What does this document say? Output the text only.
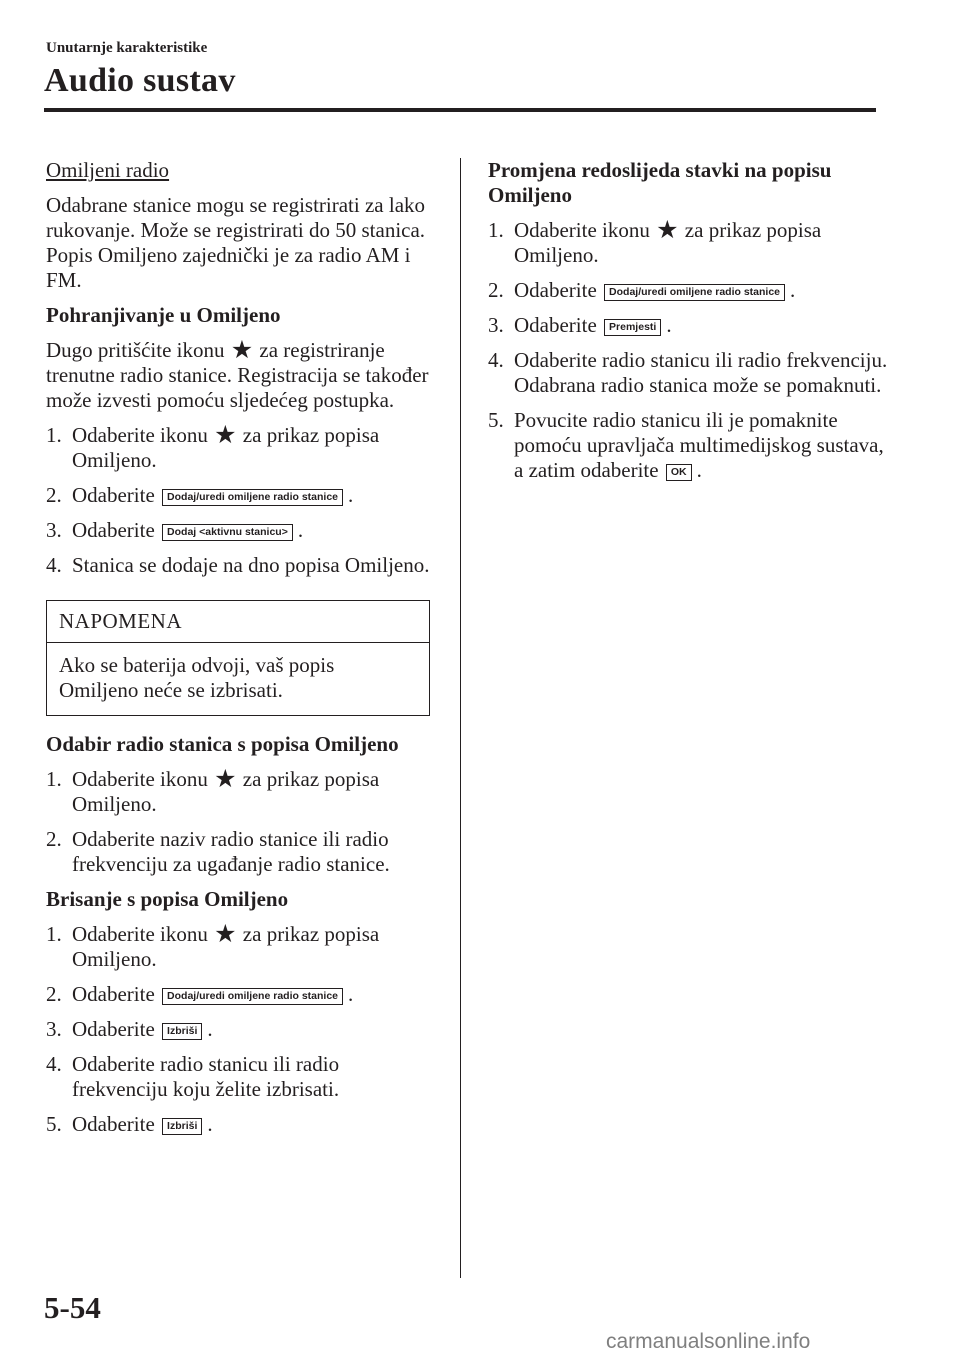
Unutarnje karakteristike
Audio sustav
Omiljeni radio
Odabrane stanice mogu se registrirati za lako rukovanje. Može se registrirati do 50 stanica. Popis Omiljeno zajednički je za radio AM i FM.
Pohranjivanje u Omiljeno
Dugo pritišćite ikonu ★ za registriranje trenutne radio stanice. Registracija se također može izvesti pomoću sljedećeg postupka.
1. Odaberite ikonu ★ za prikaz popisa Omiljeno.
2. Odaberite Dodaj/uredi omiljene radio stanice .
3. Odaberite Dodaj <aktivnu stanicu> .
4. Stanica se dodaje na dno popisa Omiljeno.
NAPOMENA
Ako se baterija odvoji, vaš popis Omiljeno neće se izbrisati.
Odabir radio stanica s popisa Omiljeno
1. Odaberite ikonu ★ za prikaz popisa Omiljeno.
2. Odaberite naziv radio stanice ili radio frekvenciju za ugađanje radio stanice.
Brisanje s popisa Omiljeno
1. Odaberite ikonu ★ za prikaz popisa Omiljeno.
2. Odaberite Dodaj/uredi omiljene radio stanice .
3. Odaberite Izbriši .
4. Odaberite radio stanicu ili radio frekvenciju koju želite izbrisati.
5. Odaberite Izbriši .
Promjena redoslijeda stavki na popisu Omiljeno
1. Odaberite ikonu ★ za prikaz popisa Omiljeno.
2. Odaberite Dodaj/uredi omiljene radio stanice .
3. Odaberite Premjesti .
4. Odaberite radio stanicu ili radio frekvenciju. Odabrana radio stanica može se pomaknuti.
5. Povucite radio stanicu ili je pomaknite pomoću upravljača multimedijskog sustava, a zatim odaberite OK .
5-54
carmanualsonline.info
